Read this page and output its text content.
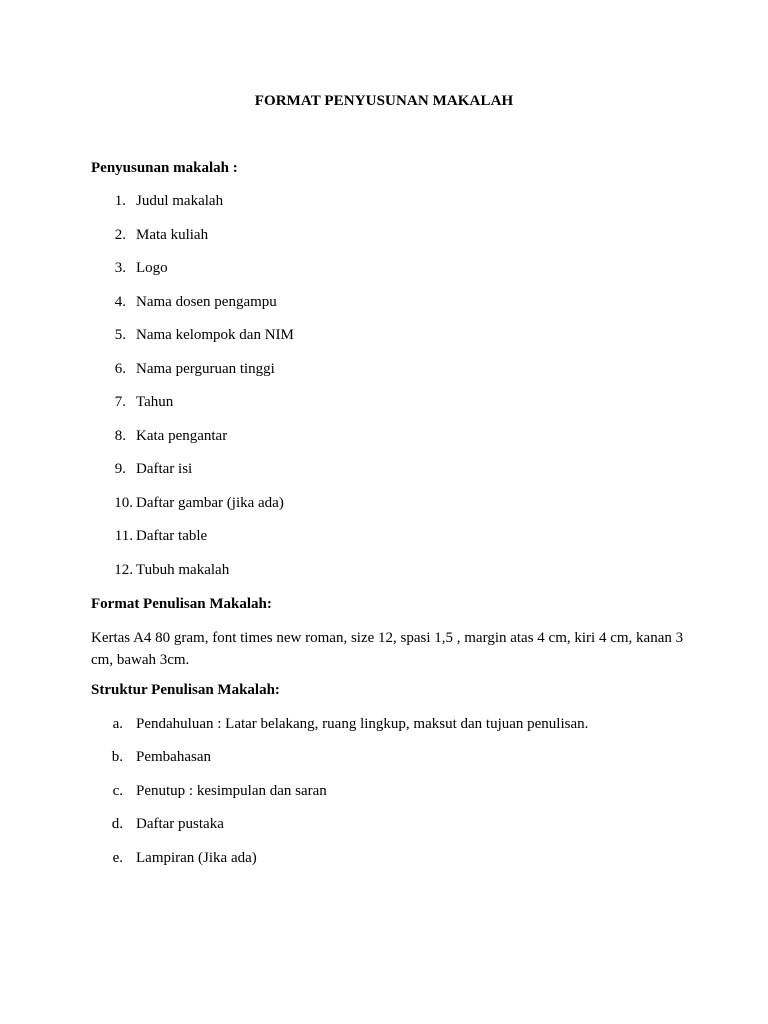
FORMAT PENYUSUNAN MAKALAH
Penyusunan makalah :
1. Judul makalah
2. Mata kuliah
3. Logo
4. Nama dosen pengampu
5. Nama kelompok dan NIM
6. Nama perguruan tinggi
7. Tahun
8. Kata pengantar
9. Daftar isi
10. Daftar gambar (jika ada)
11. Daftar table
12. Tubuh makalah
Format Penulisan Makalah:
Kertas A4 80 gram, font times new roman, size 12, spasi 1,5 , margin atas 4 cm, kiri 4 cm, kanan 3 cm, bawah 3cm.
Struktur Penulisan Makalah:
a. Pendahuluan : Latar belakang, ruang lingkup, maksut dan tujuan penulisan.
b. Pembahasan
c. Penutup : kesimpulan dan saran
d. Daftar pustaka
e. Lampiran (Jika ada)
